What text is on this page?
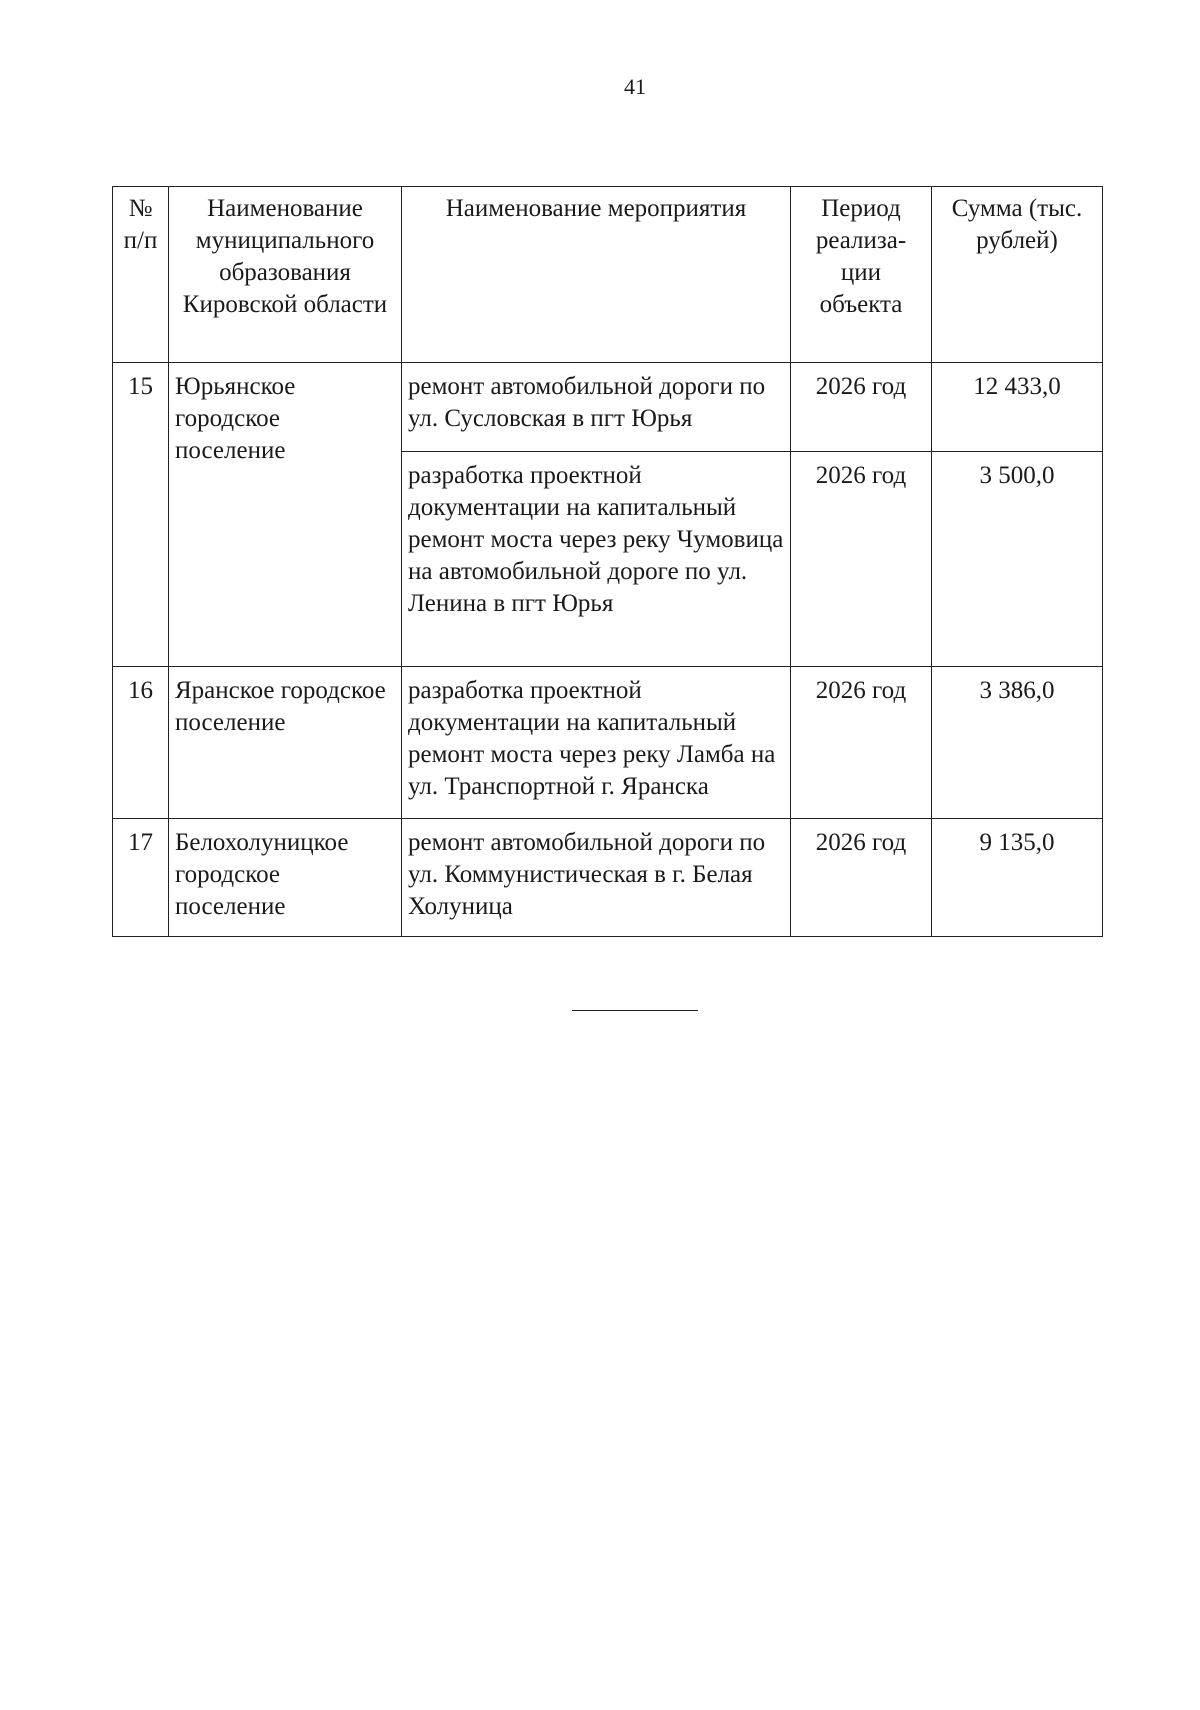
41
№ п/п	Наименование муниципального образования Кировской области	Наименование мероприятия	Период реализа-ции объекта	Сумма (тыс. рублей)
15	Юрьянское городское поселение	ремонт автомобильной дороги по ул. Сусловская в пгт Юрья	2026 год	12 433,0
		разработка проектной документации на капитальный ремонт моста через реку Чумовица на автомобильной дороге по ул. Ленина в пгт Юрья	2026 год	3 500,0
16	Яранское городское поселение	разработка проектной документации на капитальный ремонт моста через реку Ламба на ул. Транспортной г. Яранска	2026 год	3 386,0
17	Белохолуницкое городское поселение	ремонт автомобильной дороги по ул. Коммунистическая в г. Белая Холуница	2026 год	9 135,0
